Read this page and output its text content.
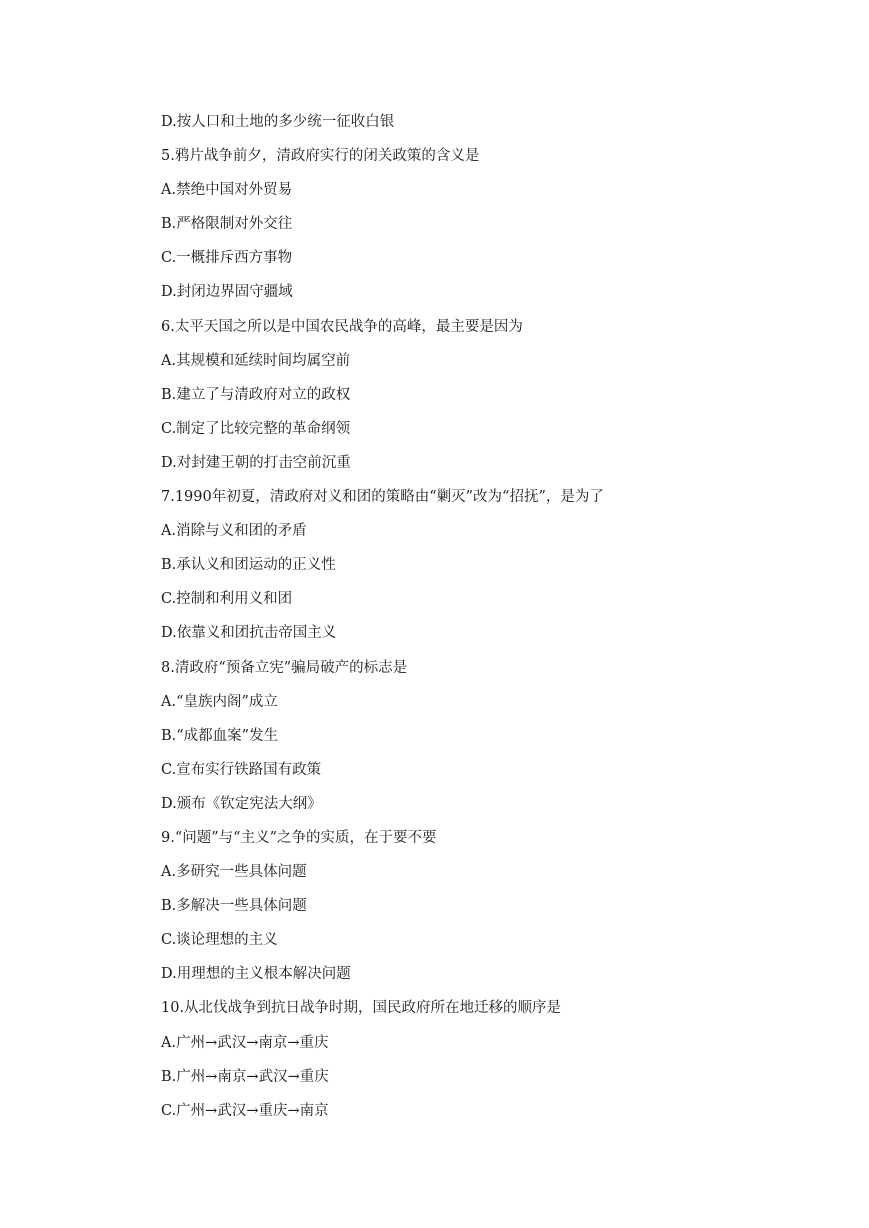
D.按人口和土地的多少统一征收白银
5.鸦片战争前夕，清政府实行的闭关政策的含义是
A.禁绝中国对外贸易
B.严格限制对外交往
C.一概排斥西方事物
D.封闭边界固守疆域
6.太平天国之所以是中国农民战争的高峰，最主要是因为
A.其规模和延续时间均属空前
B.建立了与清政府对立的政权
C.制定了比较完整的革命纲领
D.对封建王朝的打击空前沉重
7.1990年初夏，清政府对义和团的策略由“剿灭”改为“招抚”，是为了
A.消除与义和团的矛盾
B.承认义和团运动的正义性
C.控制和利用义和团
D.依靠义和团抗击帝国主义
8.清政府“预备立宪”骗局破产的标志是
A.“皇族内阁”成立
B.“成都血案”发生
C.宣布实行铁路国有政策
D.颁布《钦定宪法大纲》
9.“问题”与“主义”之争的实质，在于要不要
A.多研究一些具体问题
B.多解决一些具体问题
C.谈论理想的主义
D.用理想的主义根本解决问题
10.从北伐战争到抗日战争时期，国民政府所在地迁移的顺序是
A.广州→武汉→南京→重庆
B.广州→南京→武汉→重庆
C.广州→武汉→重庆→南京
